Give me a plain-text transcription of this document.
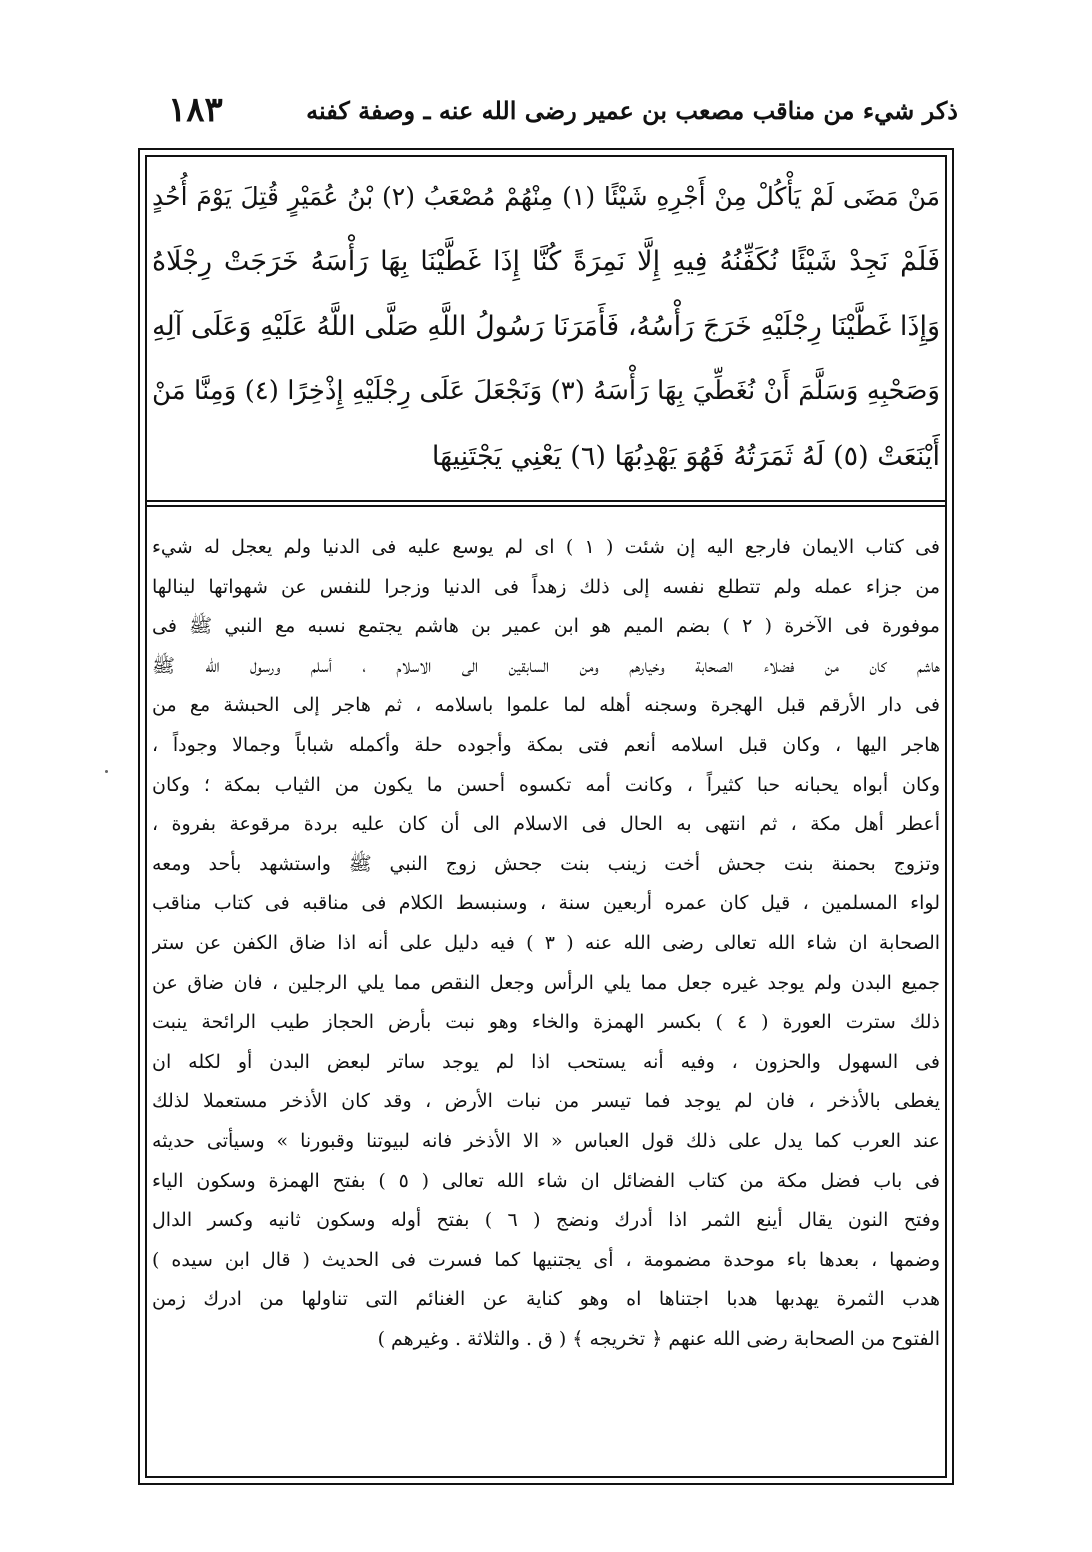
١٨٣	ذكر شيء من مناقب مصعب بن عمير رضى الله عنه ـ وصفة كفنه
مَنْ مَضَى لَمْ يَأْكُلْ مِنْ أَجْرِهِ شَيْئًا (١) مِنْهُمْ مُصْعَبُ (٢) بْنُ عُمَيْرٍ قُتِلَ يَوْمَ أُحُدٍ
فَلَمْ نَجِدْ شَيْئًا نُكَفِّنُهُ فِيهِ إِلَّا نَمِرَةً كُنَّا إِذَا غَطَّيْنَا بِهَا رَأْسَهُ خَرَجَتْ رِجْلَاهُ
وَإِذَا غَطَّيْنَا رِجْلَيْهِ خَرَجَ رَأْسُهُ، فَأَمَرَنَا رَسُولُ اللَّهِ صَلَّى اللَّهُ عَلَيْهِ وَعَلَى آلِهِ
وَصَحْبِهِ وَسَلَّمَ أَنْ نُغَطِّيَ بِهَا رَأْسَهُ (٣) وَنَجْعَلَ عَلَى رِجْلَيْهِ إِذْخِرًا (٤) وَمِنَّا مَنْ
أَيْنَعَتْ (٥) لَهُ ثَمَرَتُهُ فَهُوَ يَهْدِبُهَا (٦) يَعْنِي يَجْتَنِيهَا
فى كتاب الايمان فارجع اليه إن شئت ( ١ ) اى لم يوسع عليه فى الدنيا ولم يعجل له شيء
من جزاء عمله ولم تتطلع نفسه إلى ذلك زهداً فى الدنيا وزجرا للنفس عن شهواتها لينالها
موفورة فى الآخرة ( ٢ ) بضم الميم هو ابن عمير بن هاشم يجتمع نسبه مع النبي ﷺ فى
هاشم كان من فضلاء الصحابة وخيارهم ومن السابقين الى الاسلام ، أسلم ورسول الله ﷺ
فى دار الأرقم قبل الهجرة وسجنه أهله لما علموا باسلامه ، ثم هاجر إلى الحبشة مع من
هاجر اليها ، وكان قبل اسلامه أنعم فتى بمكة وأجوده حلة وأكمله شباباً وجمالا وجوداً ،
وكان أبواه يحبانه حبا كثيراً ، وكانت أمه تكسوه أحسن ما يكون من الثياب بمكة ؛ وكان
أعطر أهل مكة ، ثم انتهى به الحال فى الاسلام الى أن كان عليه بردة مرقوعة بفروة ،
وتزوج بحمنة بنت جحش أخت زينب بنت جحش زوج النبي ﷺ واستشهد بأحد ومعه
لواء المسلمين ، قيل كان عمره أربعين سنة ، وسنبسط الكلام فى مناقبه فى كتاب مناقب
الصحابة ان شاء الله تعالى رضى الله عنه ( ٣ ) فيه دليل على أنه اذا ضاق الكفن عن ستر
جميع البدن ولم يوجد غيره جعل مما يلي الرأس وجعل النقص مما يلي الرجلين ، فان ضاق عن
ذلك سترت العورة ( ٤ ) بكسر الهمزة والخاء وهو نبت بأرض الحجاز طيب الرائحة ينبت
فى السهول والحزون ، وفيه أنه يستحب اذا لم يوجد ساتر لبعض البدن أو لكله ان
يغطى بالأذخر ، فان لم يوجد فما تيسر من نبات الأرض ، وقد كان الأذخر مستعملا لذلك
عند العرب كما يدل على ذلك قول العباس « الا الأذخر فانه لبيوتنا وقبورنا » وسيأتى حديثه
فى باب فضل مكة من كتاب الفضائل ان شاء الله تعالى ( ٥ ) بفتح الهمزة وسكون الياء
وفتح النون يقال أينع الثمر اذا أدرك ونضج ( ٦ ) بفتح أوله وسكون ثانيه وكسر الدال
وضمها ، بعدها باء موحدة مضمومة ، أى يجتنيها كما فسرت فى الحديث ( قال ابن سيده )
هدب الثمرة يهدبها هدبا اجتناها اه وهو كناية عن الغنائم التى تناولها من ادرك زمن
الفتوح من الصحابة رضى الله عنهم ﴿ تخريجه ﴾ ( ق . والثلاثة . وغيرهم )
